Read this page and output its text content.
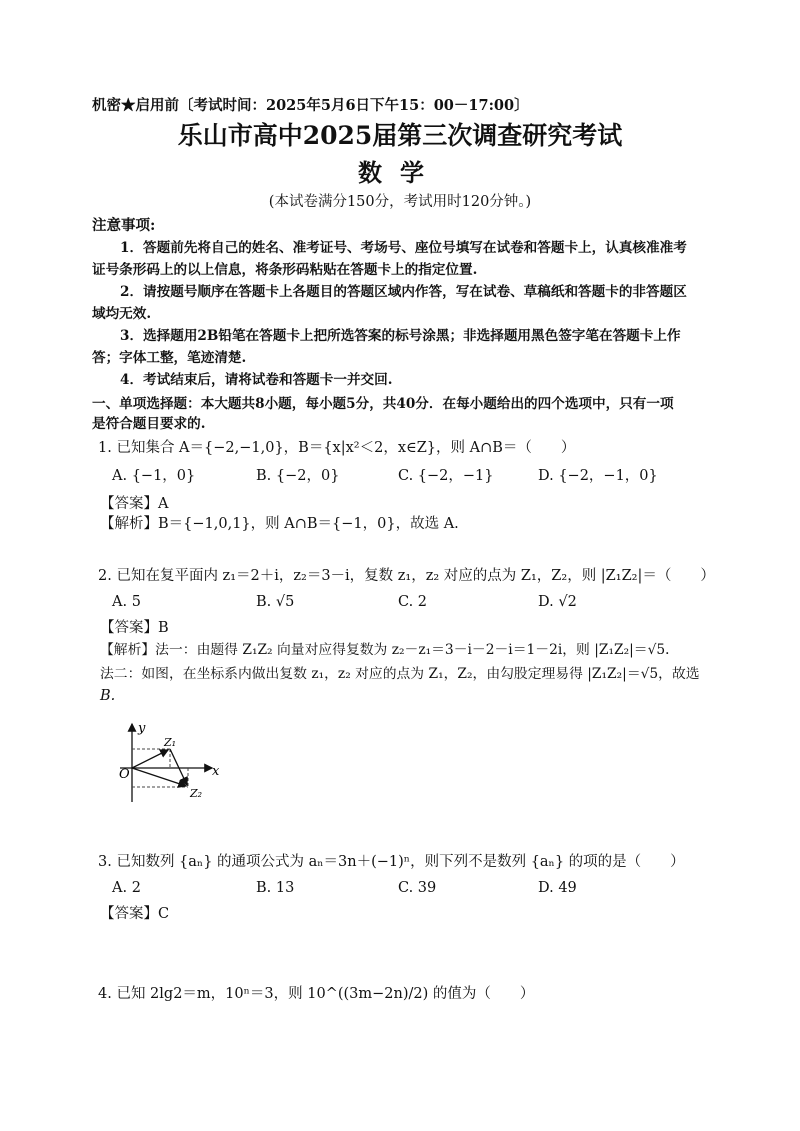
机密★启用前〔考试时间：2025年5月6日下午15：00－17:00〕
乐山市高中2025届第三次调查研究考试
数学
(本试卷满分150分，考试用时120分钟。)
注意事项:
1．答题前先将自己的姓名、准考证号、考场号、座位号填写在试卷和答题卡上，认真核准准考
证号条形码上的以上信息，将条形码粘贴在答题卡上的指定位置.
2．请按题号顺序在答题卡上各题目的答题区域内作答，写在试卷、草稿纸和答题卡的非答题区
域均无效.
3．选择题用2B铅笔在答题卡上把所选答案的标号涂黑；非选择题用黑色签字笔在答题卡上作
答；字体工整，笔迹清楚.
4．考试结束后，请将试卷和答题卡一并交回.
一、单项选择题：本大题共8小题，每小题5分，共40分．在每小题给出的四个选项中，只有一项
是符合题目要求的.
1. 已知集合 A＝{−2,−1,0}，B＝{x|x²＜2，x∈Z}，则 A∩B＝（　　）
A. {−1，0}	B. {−2，0}	C. {−2，−1}	D. {−2，−1，0}
【答案】A
【解析】B＝{−1,0,1}，则 A∩B＝{−1，0}，故选 A.
2. 已知在复平面内 z₁＝2＋i，z₂＝3－i，复数 z₁，z₂ 对应的点为 Z₁，Z₂，则 |Z₁Z₂|＝（　　）
A. 5	B. √5	C. 2	D. √2
【答案】B
【解析】法一：由题得 Z₁Z₂ 向量对应得复数为 z₂－z₁＝3－i－2－i＝1－2i，则 |Z₁Z₂|＝√5．
法二：如图，在坐标系内做出复数 z₁，z₂ 对应的点为 Z₁，Z₂，由勾股定理易得 |Z₁Z₂|＝√5，故选
B.
y
x
O
Z₁
Z₂
3. 已知数列 {aₙ} 的通项公式为 aₙ＝3n＋(−1)ⁿ，则下列不是数列 {aₙ} 的项的是（　　）
A. 2	B. 13	C. 39	D. 49
【答案】C
4. 已知 2lg2＝m，10ⁿ＝3，则 10^((3m−2n)/2) 的值为（　　）
